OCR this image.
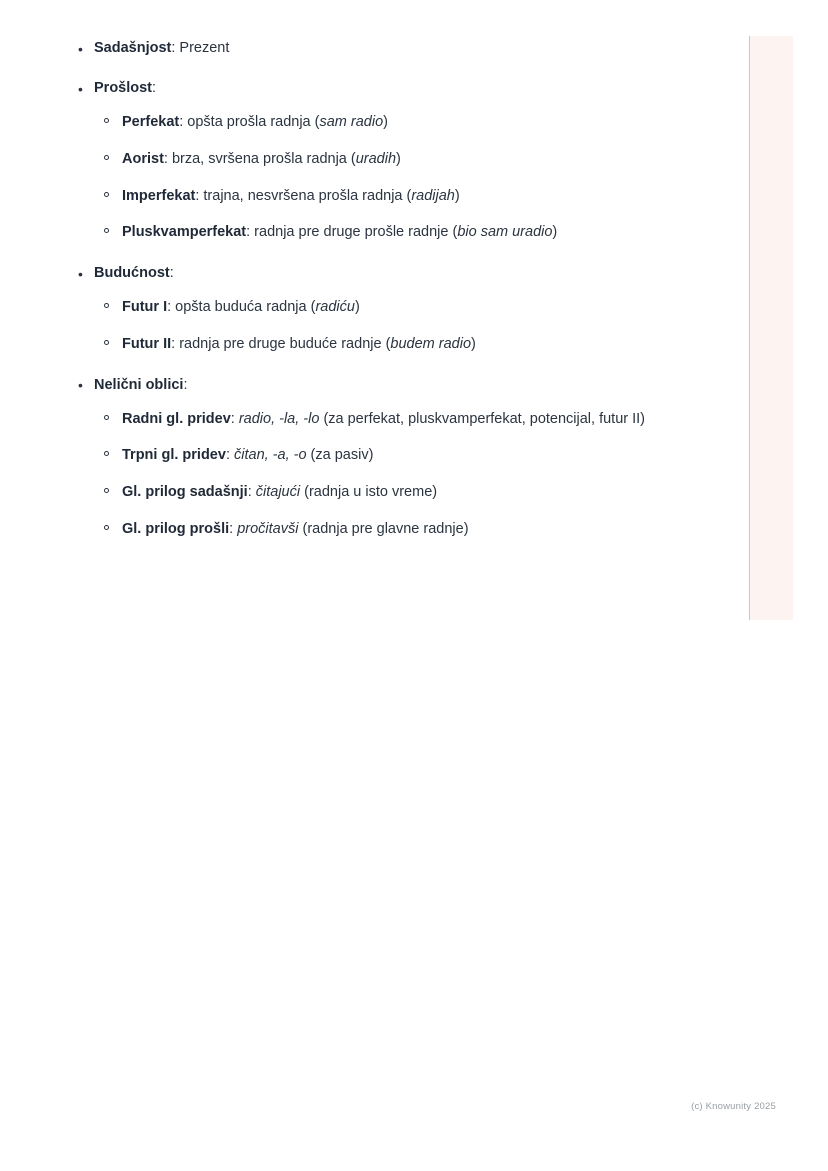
• Sadašnjost: Prezent
• Prošlost:
Perfekat: opšta prošla radnja (sam radio)
Aorist: brza, svršena prošla radnja (uradih)
Imperfekat: trajna, nesvršena prošla radnja (radijah)
Pluskvamperfekat: radnja pre druge prošle radnje (bio sam uradio)
• Budućnost:
Futur I: opšta buduća radnja (radiću)
Futur II: radnja pre druge buduće radnje (budem radio)
• Nelični oblici:
Radni gl. pridev: radio, -la, -lo (za perfekat, pluskvamperfekat, potencijal, futur II)
Trpni gl. pridev: čitan, -a, -o (za pasiv)
Gl. prilog sadašnji: čitajući (radnja u isto vreme)
Gl. prilog prošli: pročitavši (radnja pre glavne radnje)
(c) Knowunity 2025
